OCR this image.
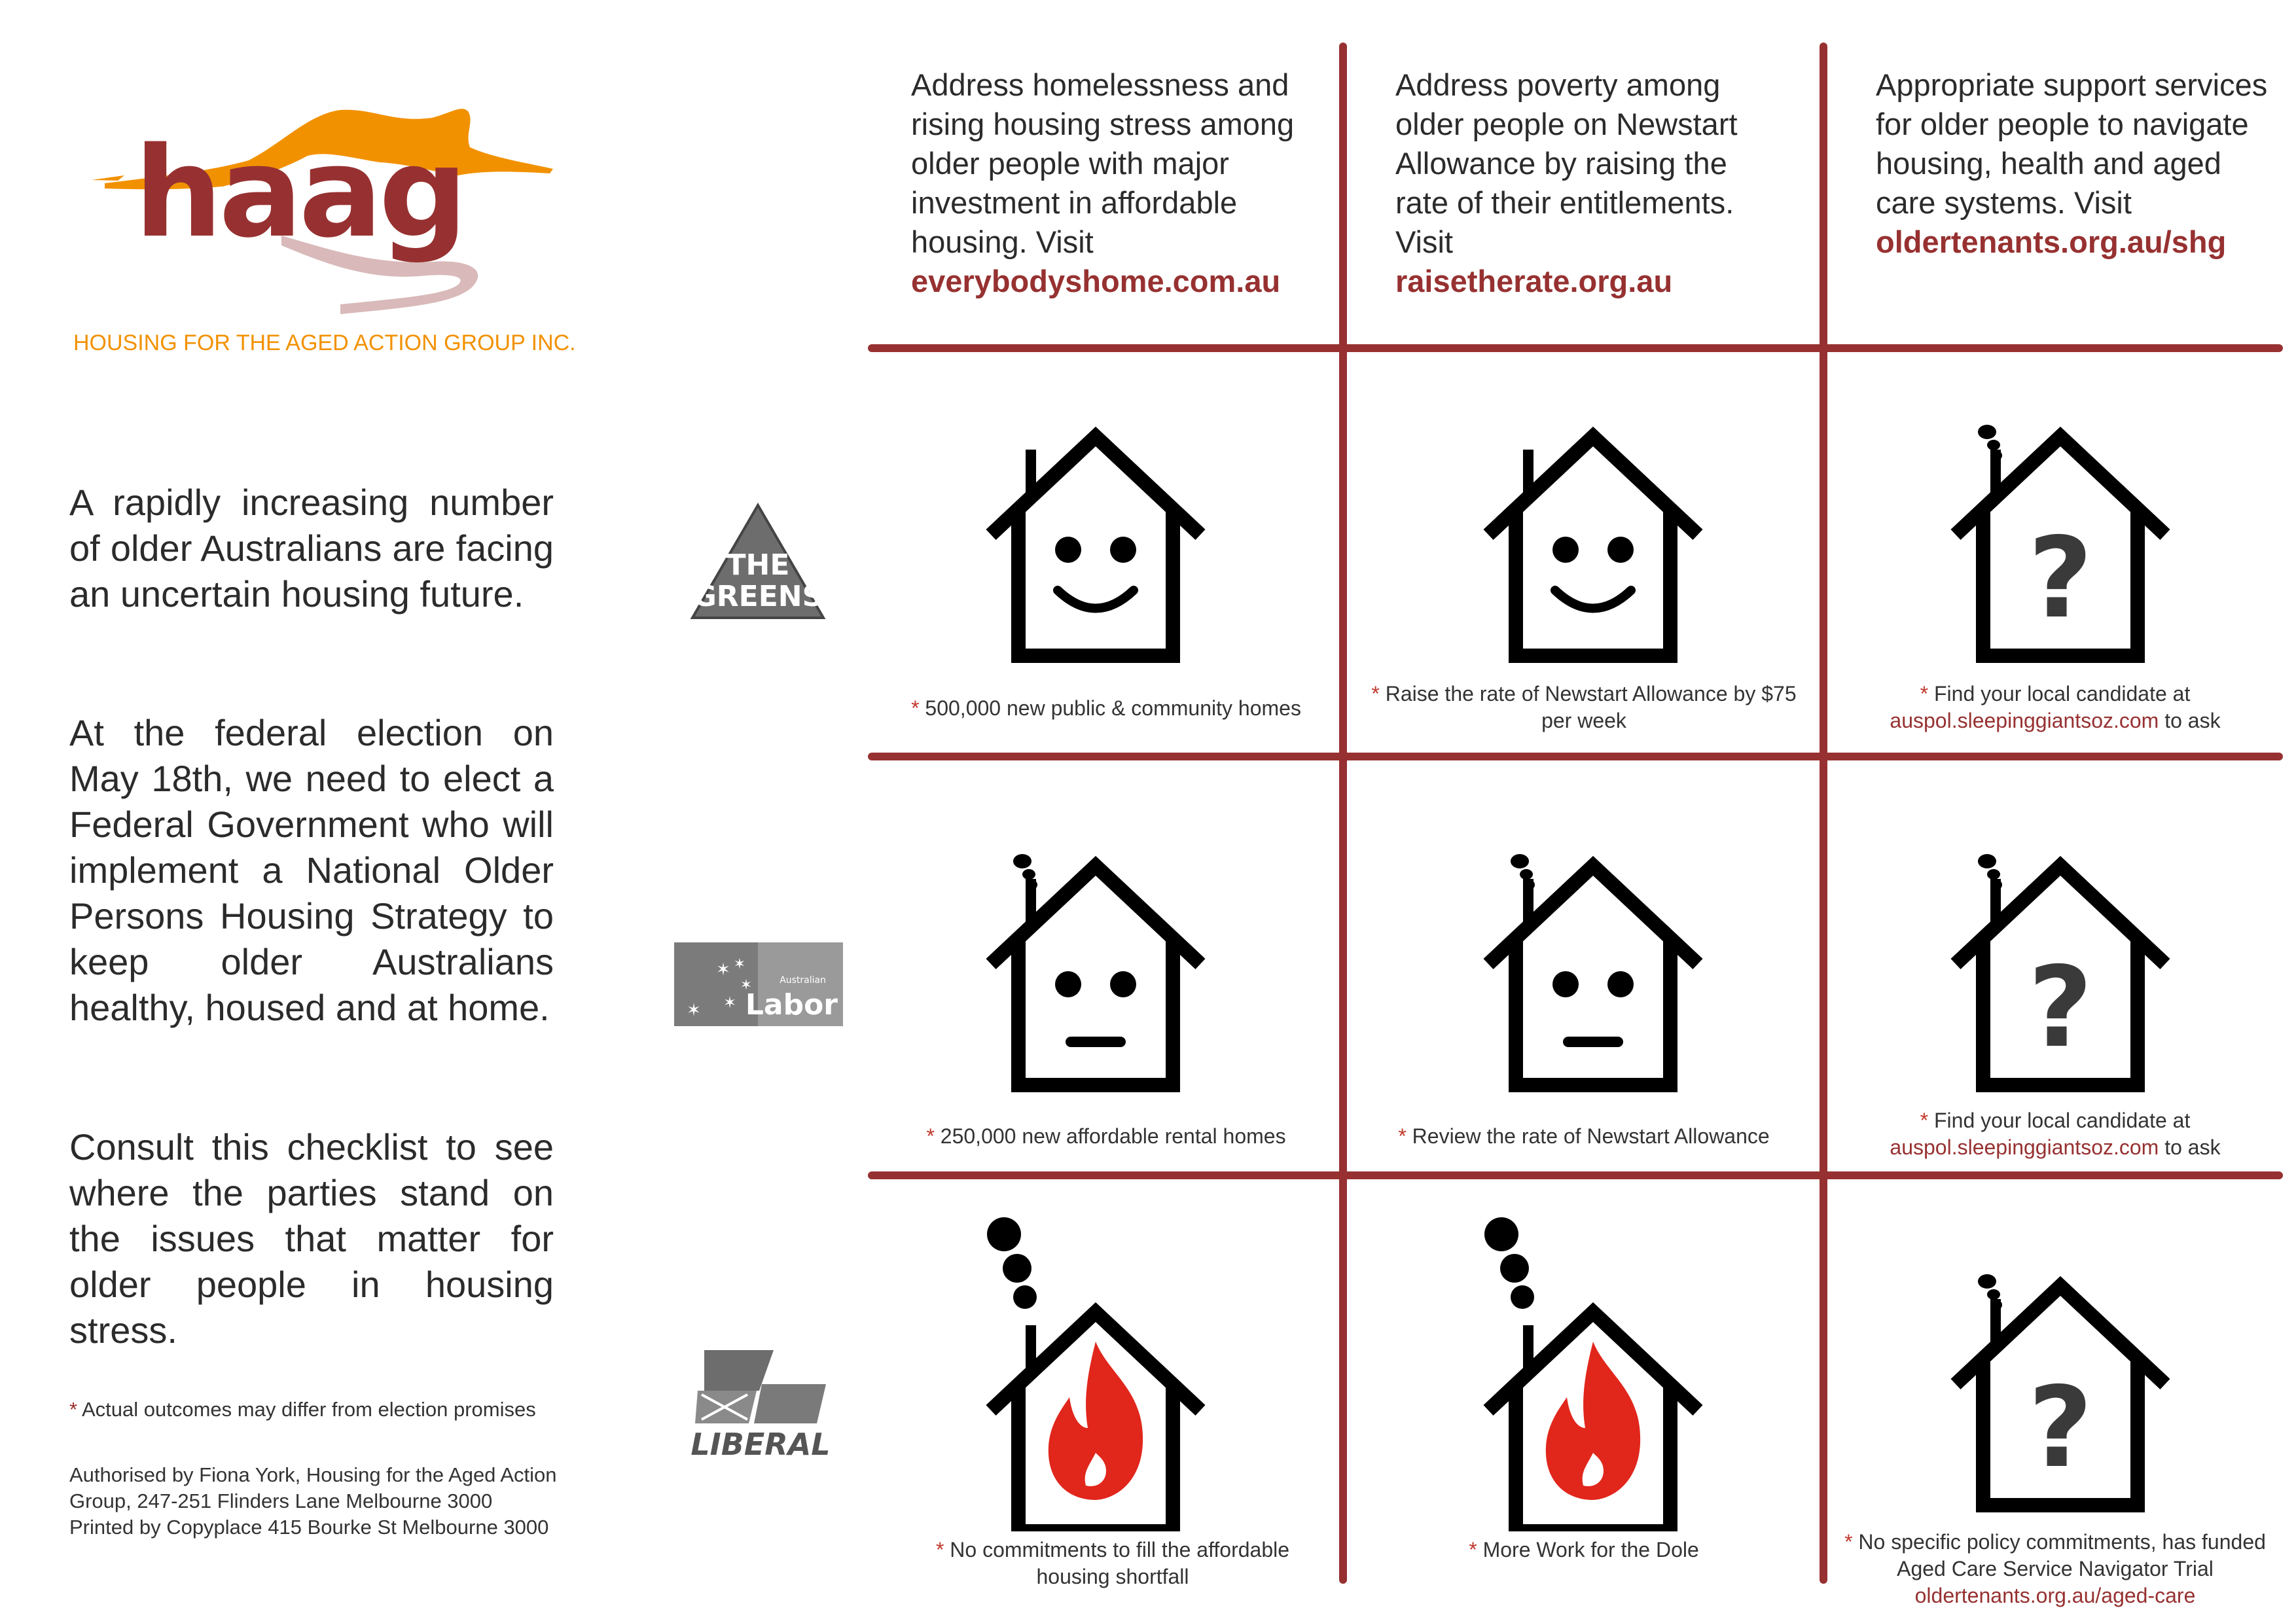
haag
HOUSING FOR THE AGED ACTION GROUP INC.

A rapidly increasing number of older Australians are facing an uncertain housing future.

At the federal election on May 18th, we need to elect a Federal Government who will implement a National Older Persons Housing Strategy to keep older Australians healthy, housed and at home.

Consult this checklist to see where the parties stand on the issues that matter for older people in housing stress.

* Actual outcomes may differ from election promises

Authorised by Fiona York, Housing for the Aged Action Group, 247-251 Flinders Lane Melbourne 3000
Printed by Copyplace 415 Bourke St Melbourne 3000
Address homelessness and rising housing stress among older people with major investment in affordable housing. Visit
everybodyshome.com.au
Address poverty among older people on Newstart Allowance by raising the rate of their entitlements. Visit
raisetherate.org.au
Appropriate support services for older people to navigate housing, health and aged care systems. Visit
oldertenants.org.au/shg
THE
GREENS
✶ ✶
✶
✶ ✶
Australian
Labor
LIBERAL
?
?
?

* 500,000 new public & community homes

* Raise the rate of Newstart Allowance by $75 per week

* Find your local candidate at
auspol.sleepinggiantsoz.com to ask

* 250,000 new affordable rental homes	* Review the rate of Newstart Allowance

* Find your local candidate at
auspol.sleepinggiantsoz.com to ask

* No commitments to fill the affordable housing shortfall

* More Work for the Dole	* No specific policy commitments, has funded Aged Care Service Navigator Trial
oldertenants.org.au/aged-care
